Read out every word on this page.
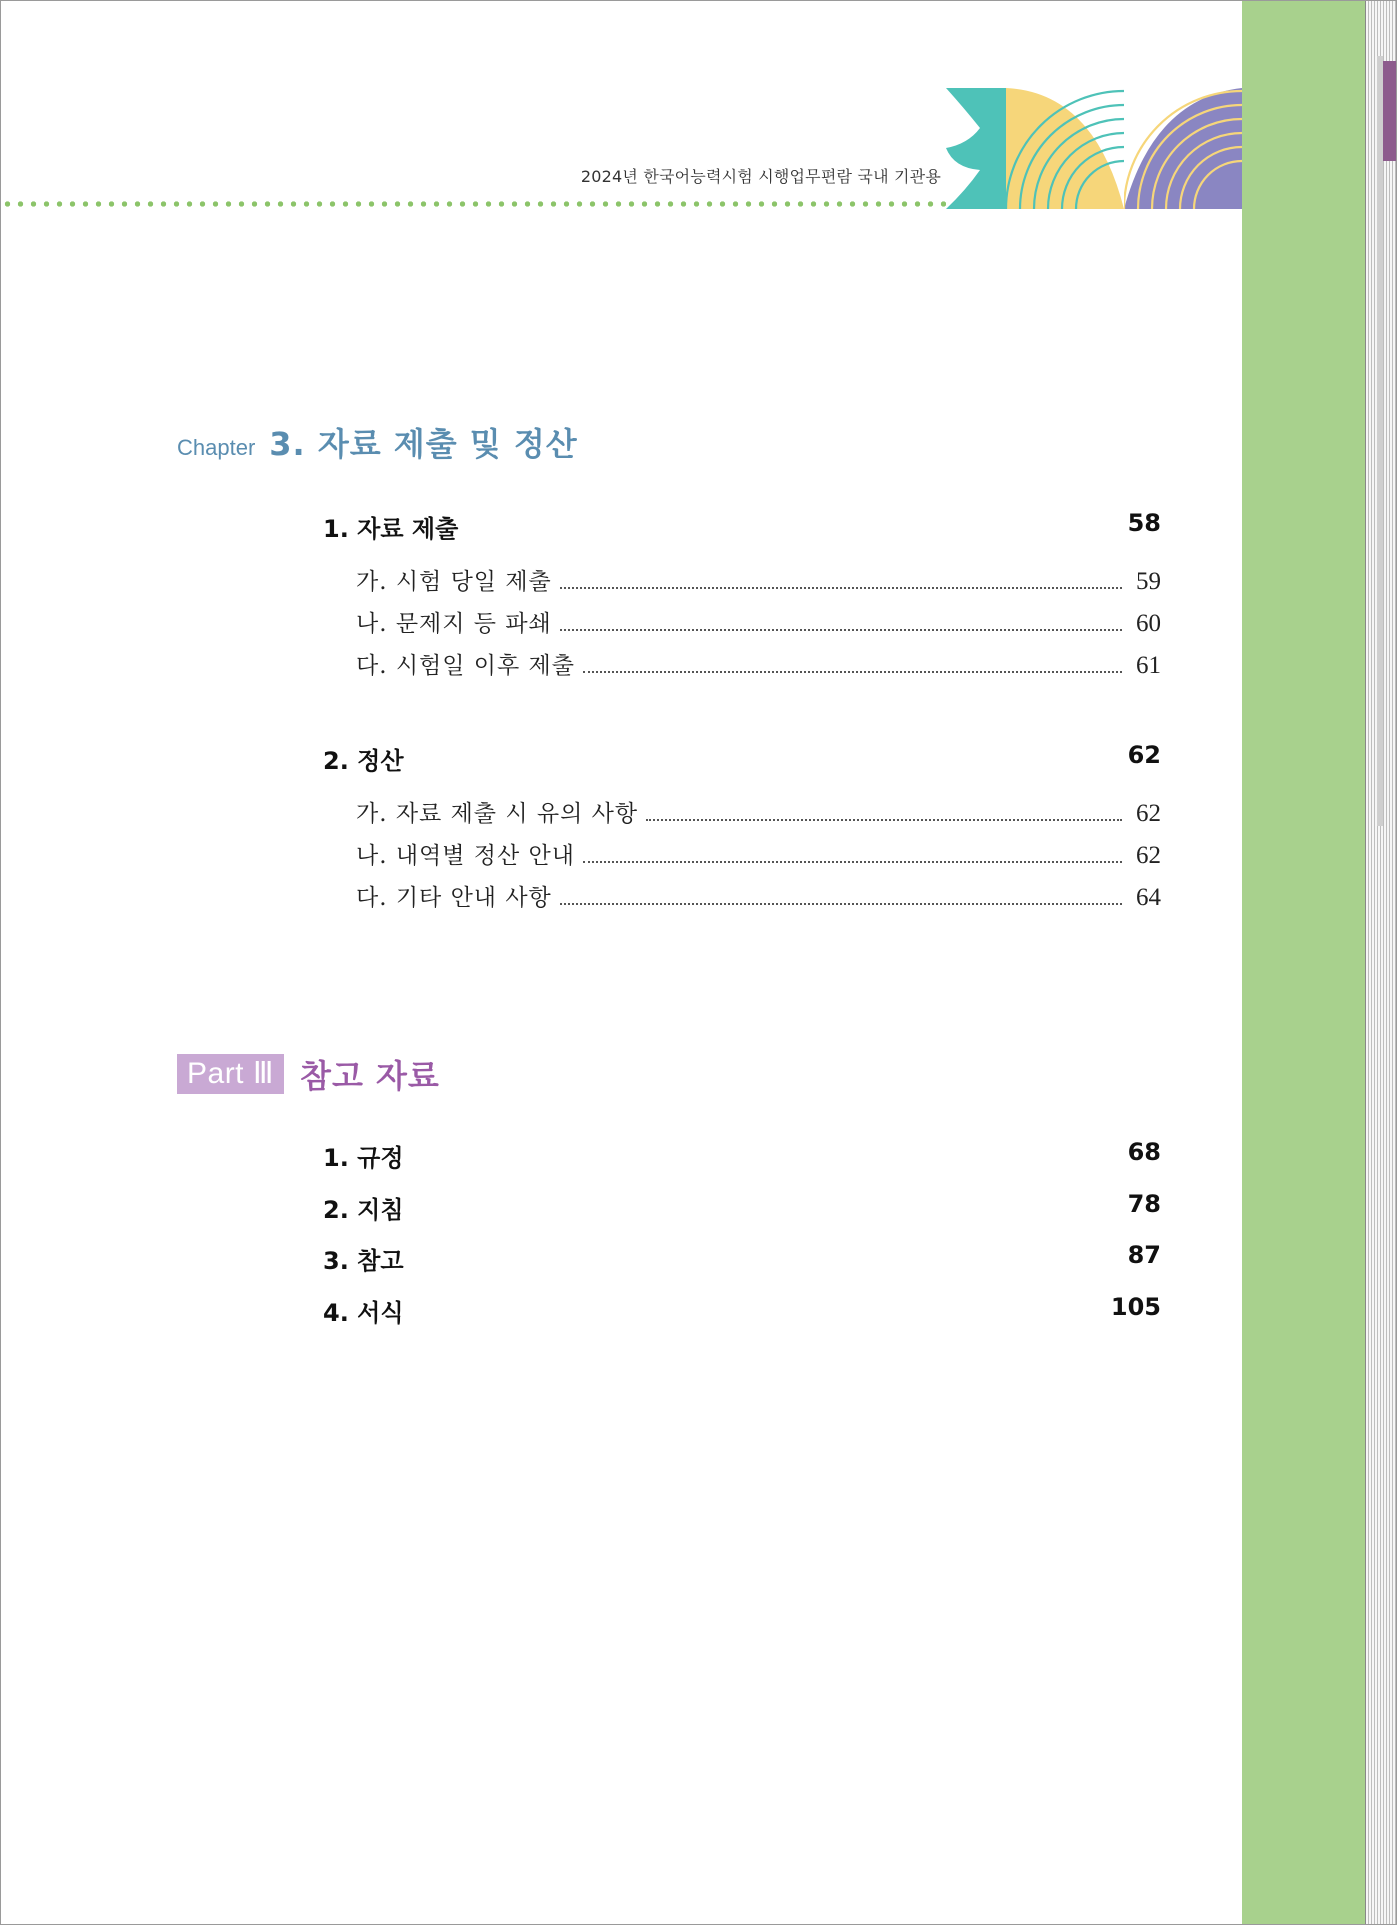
2024년 한국어능력시험 시행업무편람 국내 기관용
Chapter 3. 자료 제출 및 정산
1. 자료 제출	58
가. 시험 당일 제출	59
나. 문제지 등 파쇄	60
다. 시험일 이후 제출	61
2. 정산	62
가. 자료 제출 시 유의 사항	62
나. 내역별 정산 안내	62
다. 기타 안내 사항	64
Part Ⅲ 참고 자료
1. 규정	68
2. 지침	78
3. 참고	87
4. 서식	105
